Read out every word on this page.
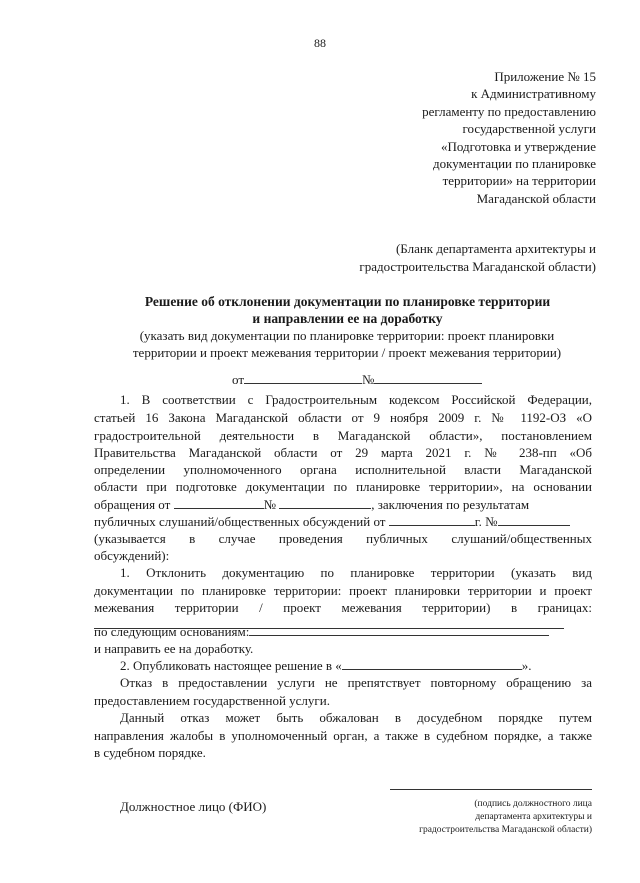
88
Приложение № 15
к Административному
регламенту по предоставлению
государственной услуги
«Подготовка и утверждение
документации по планировке
территории» на территории
Магаданской области
(Бланк департамента архитектуры и
градостроительства Магаданской области)
Решение об отклонении документации по планировке территории
и направлении ее на доработку
(указать вид документации по планировке территории: проект планировки
территории и проект межевания территории / проект межевания территории)
от	№
1. В соответствии с Градостроительным кодексом Российской Федерации,
статьей 16 Закона Магаданской области от 9 ноября 2009 г. № 1192-ОЗ «О
градостроительной деятельности в Магаданской области», постановлением
Правительства Магаданской области от 29 марта 2021 г. № 238-пп «Об
определении уполномоченного органа исполнительной власти Магаданской
области при подготовке документации по планировке территории», на основании
обращения от	№	, заключения по результатам
публичных слушаний/общественных обсуждений от	г. №
(указывается в случае проведения публичных слушаний/общественных
обсуждений):
1. Отклонить документацию по планировке территории (указать вид
документации по планировке территории: проект планировки территории и проект
межевания территории / проект межевания территории) в границах:
по следующим основаниям:
и направить ее на доработку.
2. Опубликовать настоящее решение в «	».
Отказ в предоставлении услуги не препятствует повторному обращению за
предоставлением государственной услуги.
Данный отказ может быть обжалован в досудебном порядке путем
направления жалобы в уполномоченный орган, а также в судебном порядке, а также
в судебном порядке.
Должностное лицо (ФИО)	(подпись должностного лица
департамента архитектуры и
градостроительства Магаданской области)
